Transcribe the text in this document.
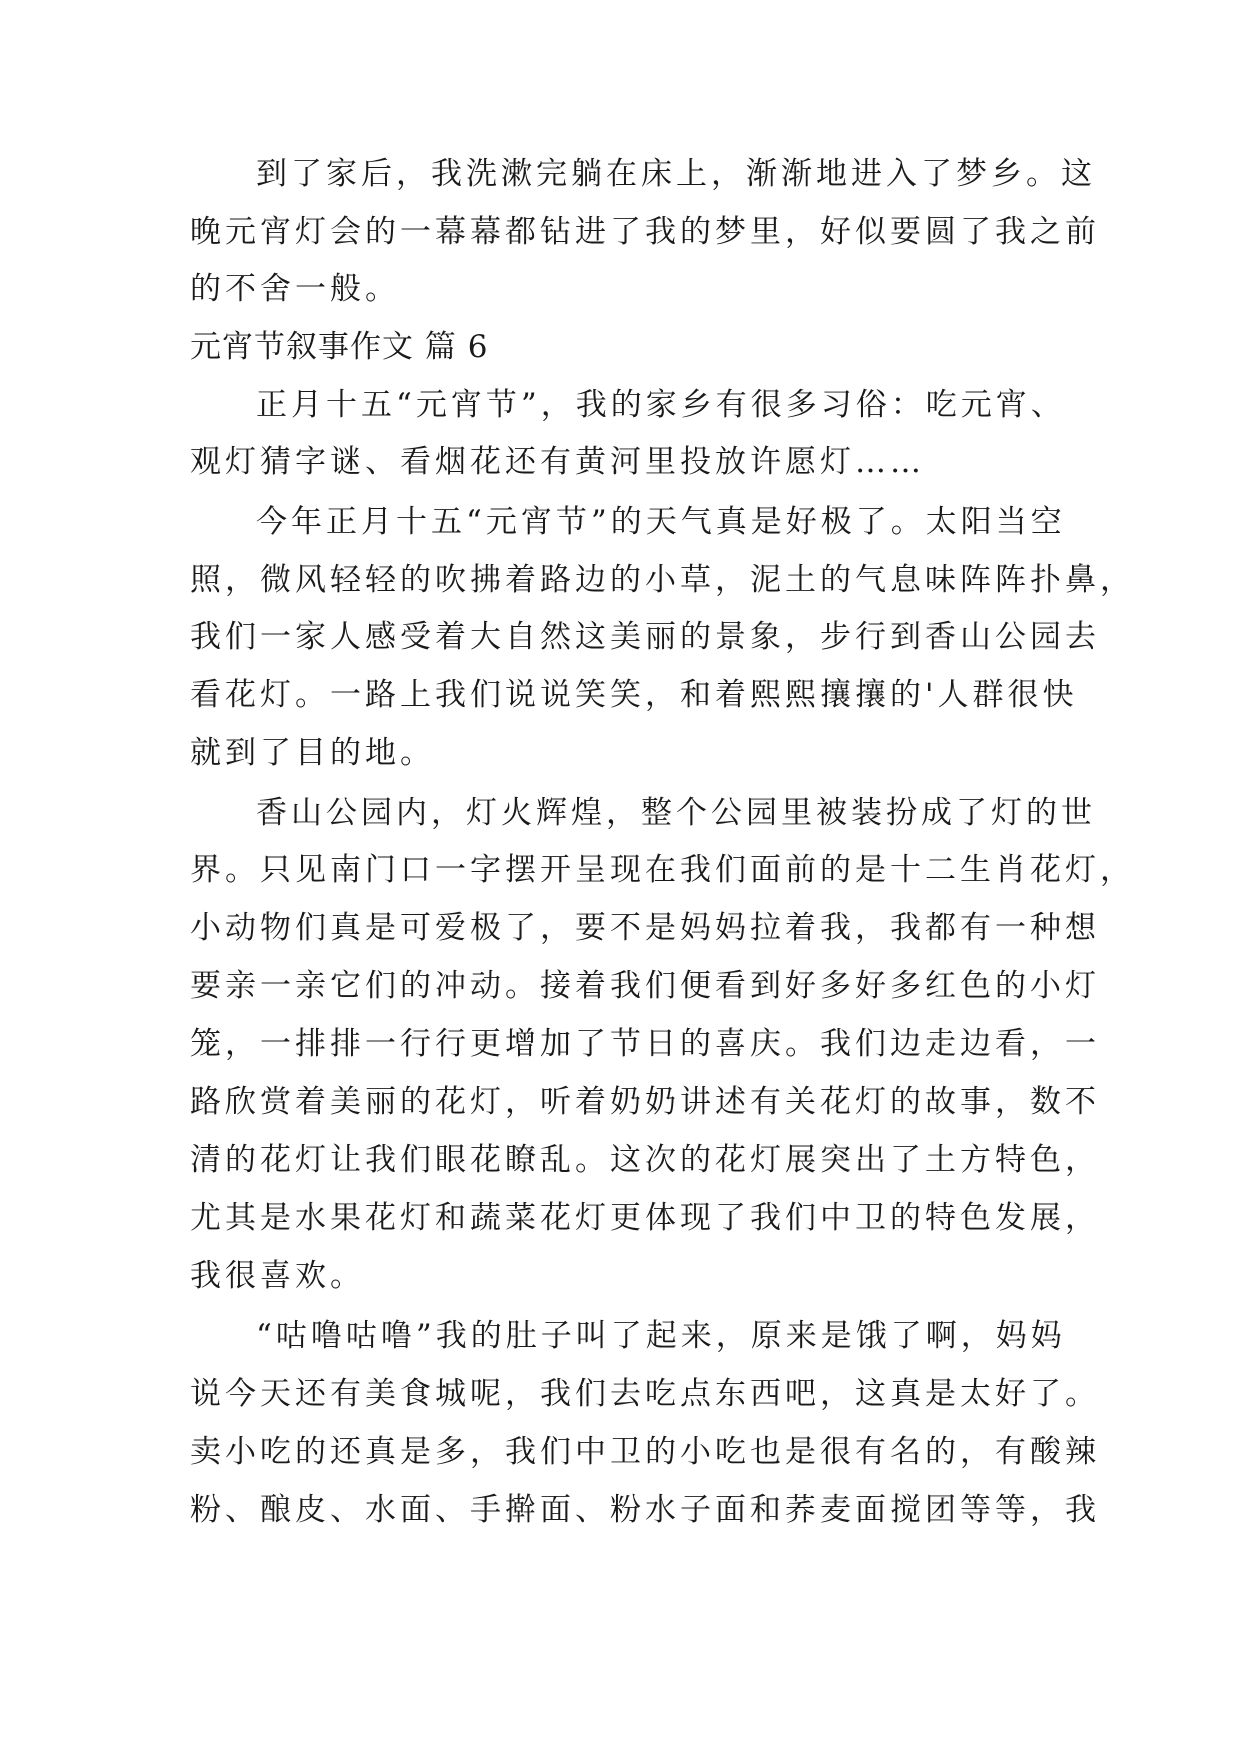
到了家后，我洗漱完躺在床上，渐渐地进入了梦乡。这

晚元宵灯会的一幕幕都钻进了我的梦里，好似要圆了我之前

的不舍一般。

元宵节叙事作文 篇 6

正月十五“元宵节”，我的家乡有很多习俗：吃元宵、

观灯猜字谜、看烟花还有黄河里投放许愿灯……

今年正月十五“元宵节”的天气真是好极了。太阳当空

照，微风轻轻的吹拂着路边的小草，泥土的气息味阵阵扑鼻，

我们一家人感受着大自然这美丽的景象，步行到香山公园去

看花灯。一路上我们说说笑笑，和着熙熙攘攘的'人群很快

就到了目的地。

香山公园内，灯火辉煌，整个公园里被装扮成了灯的世

界。只见南门口一字摆开呈现在我们面前的是十二生肖花灯，

小动物们真是可爱极了，要不是妈妈拉着我，我都有一种想

要亲一亲它们的冲动。接着我们便看到好多好多红色的小灯

笼，一排排一行行更增加了节日的喜庆。我们边走边看，一

路欣赏着美丽的花灯，听着奶奶讲述有关花灯的故事，数不

清的花灯让我们眼花瞭乱。这次的花灯展突出了土方特色，

尤其是水果花灯和蔬菜花灯更体现了我们中卫的特色发展，

我很喜欢。

“咕噜咕噜”我的肚子叫了起来，原来是饿了啊，妈妈

说今天还有美食城呢，我们去吃点东西吧，这真是太好了。

卖小吃的还真是多，我们中卫的小吃也是很有名的，有酸辣

粉、酿皮、水面、手擀面、粉水子面和荞麦面搅团等等，我
